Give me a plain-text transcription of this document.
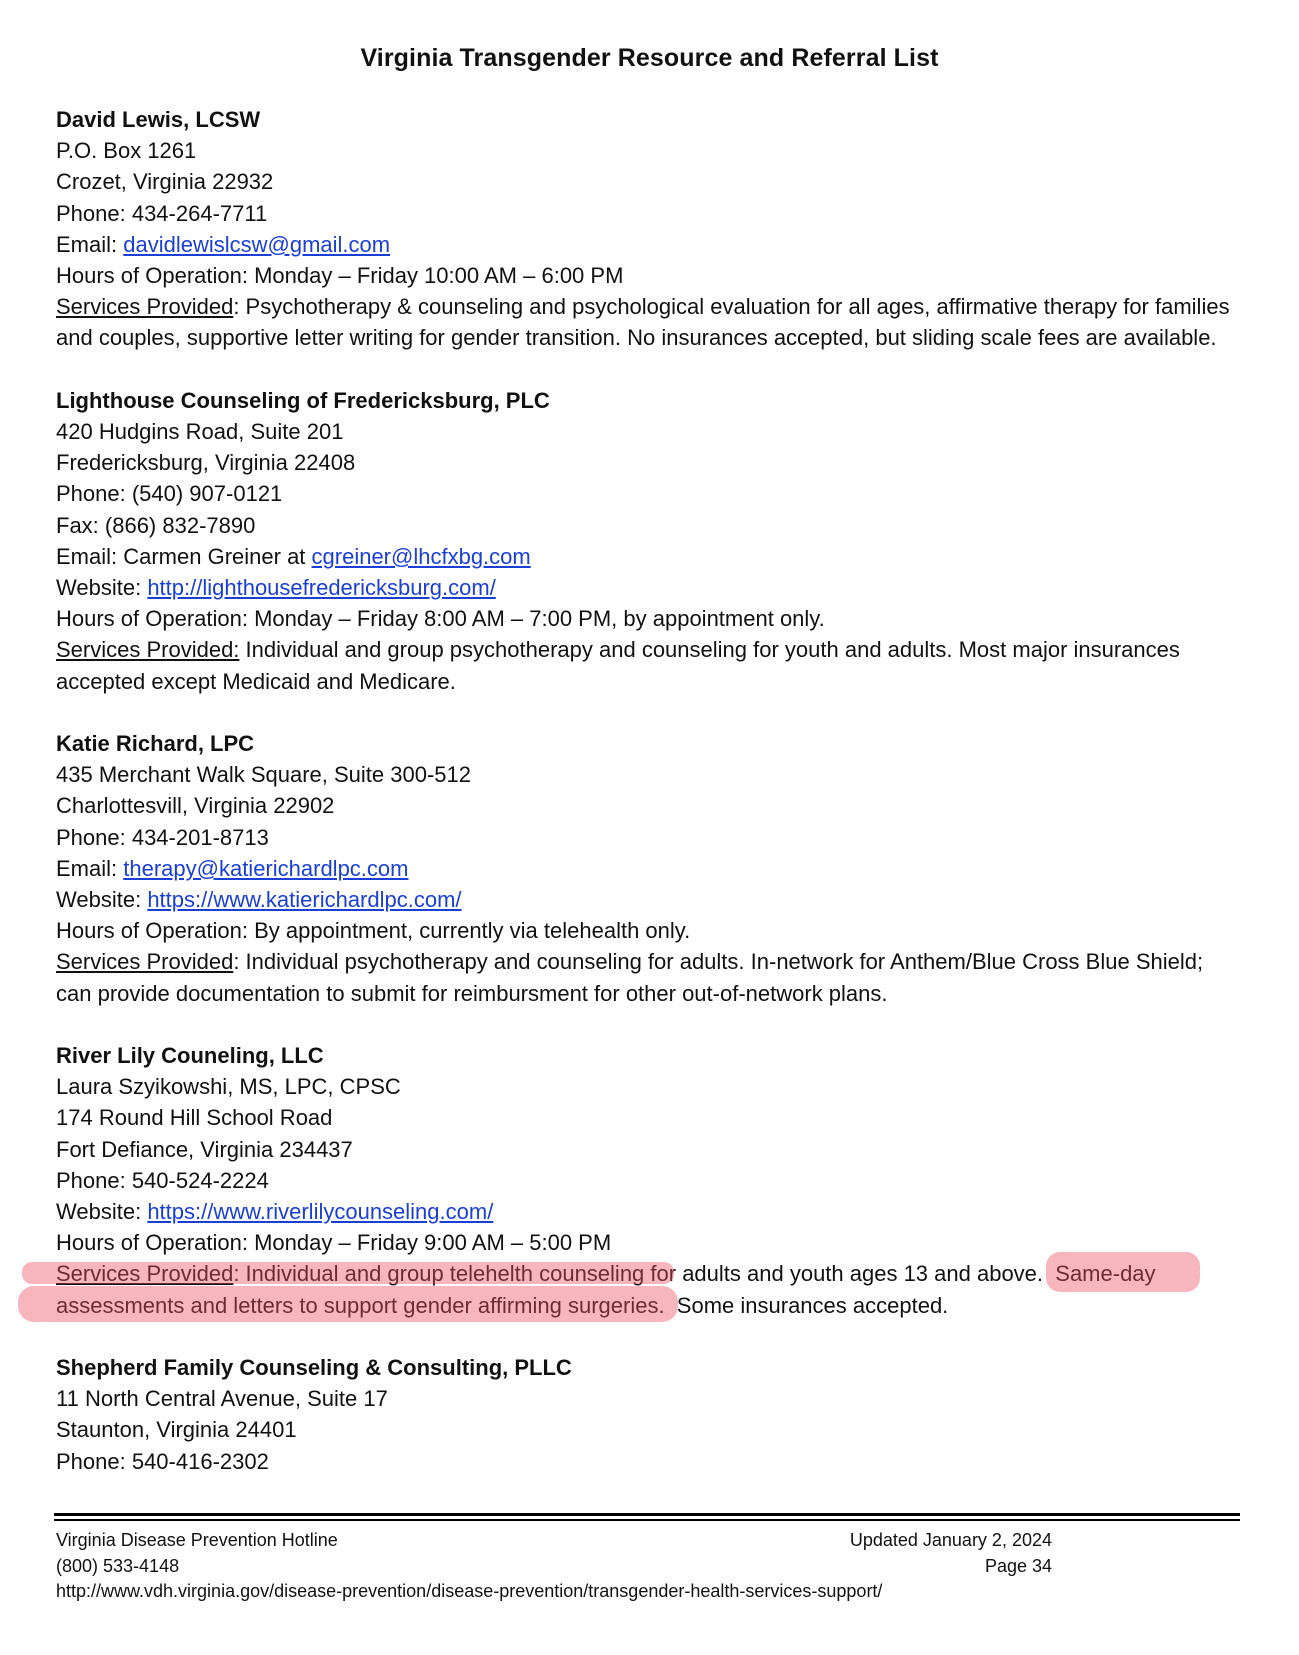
Virginia Transgender Resource and Referral List
David Lewis, LCSW
P.O. Box 1261
Crozet, Virginia 22932
Phone: 434-264-7711
Email: davidlewislcsw@gmail.com
Hours of Operation: Monday – Friday 10:00 AM – 6:00 PM
Services Provided: Psychotherapy & counseling and psychological evaluation for all ages, affirmative therapy for families and couples, supportive letter writing for gender transition. No insurances accepted, but sliding scale fees are available.
Lighthouse Counseling of Fredericksburg, PLC
420 Hudgins Road, Suite 201
Fredericksburg, Virginia 22408
Phone: (540) 907-0121
Fax: (866) 832-7890
Email: Carmen Greiner at cgreiner@lhcfxbg.com
Website: http://lighthousefredericksburg.com/
Hours of Operation: Monday – Friday 8:00 AM – 7:00 PM, by appointment only.
Services Provided: Individual and group psychotherapy and counseling for youth and adults. Most major insurances accepted except Medicaid and Medicare.
Katie Richard, LPC
435 Merchant Walk Square, Suite 300-512
Charlottesvill, Virginia 22902
Phone: 434-201-8713
Email: therapy@katierichardlpc.com
Website: https://www.katierichardlpc.com/
Hours of Operation: By appointment, currently via telehealth only.
Services Provided: Individual psychotherapy and counseling for adults. In-network for Anthem/Blue Cross Blue Shield; can provide documentation to submit for reimbursment for other out-of-network plans.
River Lily Couneling, LLC
Laura Szyikowshi, MS, LPC, CPSC
174 Round Hill School Road
Fort Defiance, Virginia 234437
Phone: 540-524-2224
Website: https://www.riverlilycounseling.com/
Hours of Operation: Monday – Friday 9:00 AM – 5:00 PM
Services Provided: Individual and group telehelth counseling for adults and youth ages 13 and above.  Same-day
assessments and letters to support gender affirming surgeries.  Some insurances accepted.
Shepherd Family Counseling & Consulting, PLLC
11 North Central Avenue, Suite 17
Staunton, Virginia 24401
Phone: 540-416-2302
Virginia Disease Prevention Hotline	Updated January 2, 2024
(800) 533-4148	Page 34
http://www.vdh.virginia.gov/disease-prevention/disease-prevention/transgender-health-services-support/
